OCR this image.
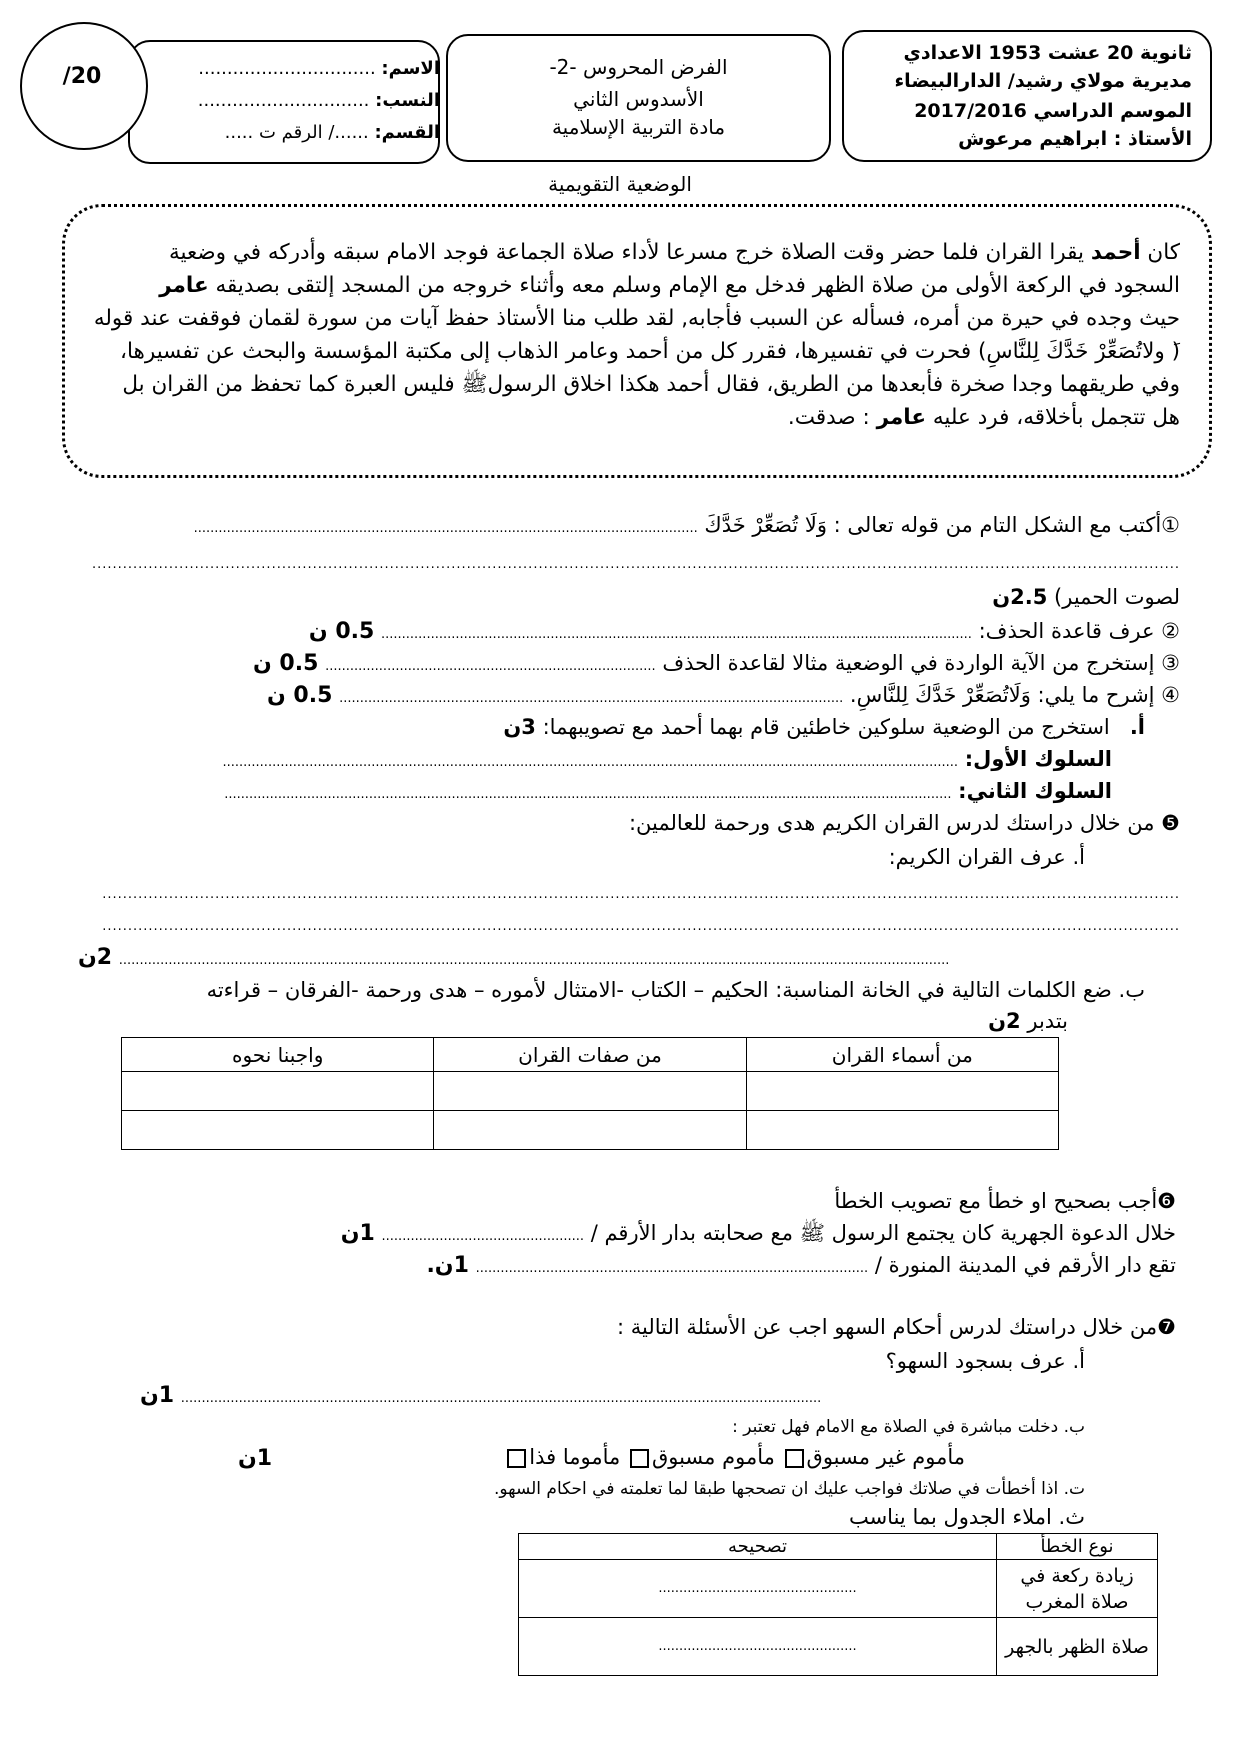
ثانوية 20 عشت 1953 الاعدادي
مديرية مولاي رشيد/ الدارالبيضاء
الموسم الدراسي 2017/2016
الأستاذ : ابراهيم مرعوش
الفرض المحروس -2-
الأسدوس الثاني
مادة التربية الإسلامية
الاسم: ...............................
النسب: ..............................
القسم: ....../ الرقم ت .....
/20
الوضعية التقويمية
كان أحمد يقرا القران فلما حضر وقت الصلاة خرج مسرعا لأداء صلاة الجماعة فوجد الامام سبقه وأدركه في وضعية
السجود في الركعة الأولى من صلاة الظهر فدخل مع الإمام وسلم معه وأثناء خروجه من المسجد إلتقى بصديقه عامر
حيث وجده في حيرة من أمره، فسأله عن السبب فأجابه, لقد طلب منا الأستاذ حفظ آيات من سورة لقمان فوقفت عند قوله
(َ ولاتُصَعِّرْ خَدَّكَ لِلنَّاسِ) فحرت في تفسيرها، فقرر كل من أحمد وعامر الذهاب إلى مكتبة المؤسسة والبحث عن تفسيرها،
وفي طريقهما وجدا صخرة فأبعدها من الطريق، فقال أحمد هكذا اخلاق الرسولﷺ فليس العبرة كما تحفظ من القران بل
هل تتجمل بأخلاقه، فرد عليه عامر : صدقت.
①أكتب مع الشكل التام من قوله تعالى : وَلَا تُصَعِّرْ خَدَّكَ ..........................................................................................................................
....................................................................................................................................................................................................................
لصوت الحمير) 2.5ن
② عرف قاعدة الحذف: ............................................................................................................................................... 0.5 ن
③ إستخرج من الآية الواردة في الوضعية مثالا لقاعدة الحذف ................................................................................ 0.5 ن
④ إشرح ما يلي: وَلَاتُصَعِّرْ خَدَّكَ لِلنَّاسِ. .......................................................................................................................... 0.5 ن
أ.   استخرج من الوضعية سلوكين خاطئين قام بهما أحمد مع تصويبهما: 3ن
السلوك الأول: ..................................................................................................................................................................................
السلوك الثاني: ................................................................................................................................................................................
❺ من خلال دراستك لدرس القران الكريم هدى ورحمة للعالمين:
أ. عرف القران الكريم:
..................................................................................................................................................................................................................
..................................................................................................................................................................................................................
......................................................................................................................................................................................................... 2ن
ب. ضع الكلمات التالية في الخانة المناسبة: الحكيم – الكتاب -الامتثال لأموره – هدى ورحمة -الفرقان – قراءته
بتدبر 2ن
من أسماء القران	من صفات القران	واجبنا نحوه

❻أجب بصحيح او خطأ مع تصويب الخطأ
خلال الدعوة الجهرية كان يجتمع الرسول ﷺ مع صحابته بدار الأرقم / ................................................. 1ن
تقع دار الأرقم في المدينة المنورة / ............................................................................................... 1ن.
❼من خلال دراستك لدرس أحكام السهو اجب عن الأسئلة التالية :
أ. عرف بسجود السهو؟
........................................................................................................................................................... 1ن
ب. دخلت مباشرة في الصلاة مع الامام فهل تعتبر :
مأموم غير مسبوق مأموم مسبوق مأموما فذا
1ن
ت. اذا أخطأت في صلاتك فواجب عليك ان تصحجها طبقا لما تعلمته في احكام السهو.
ث. املاء الجدول بما يناسب
نوع الخطأ	تصحيحه
زيادة ركعة في صلاة المغرب	................................................
صلاة الظهر بالجهر	................................................
